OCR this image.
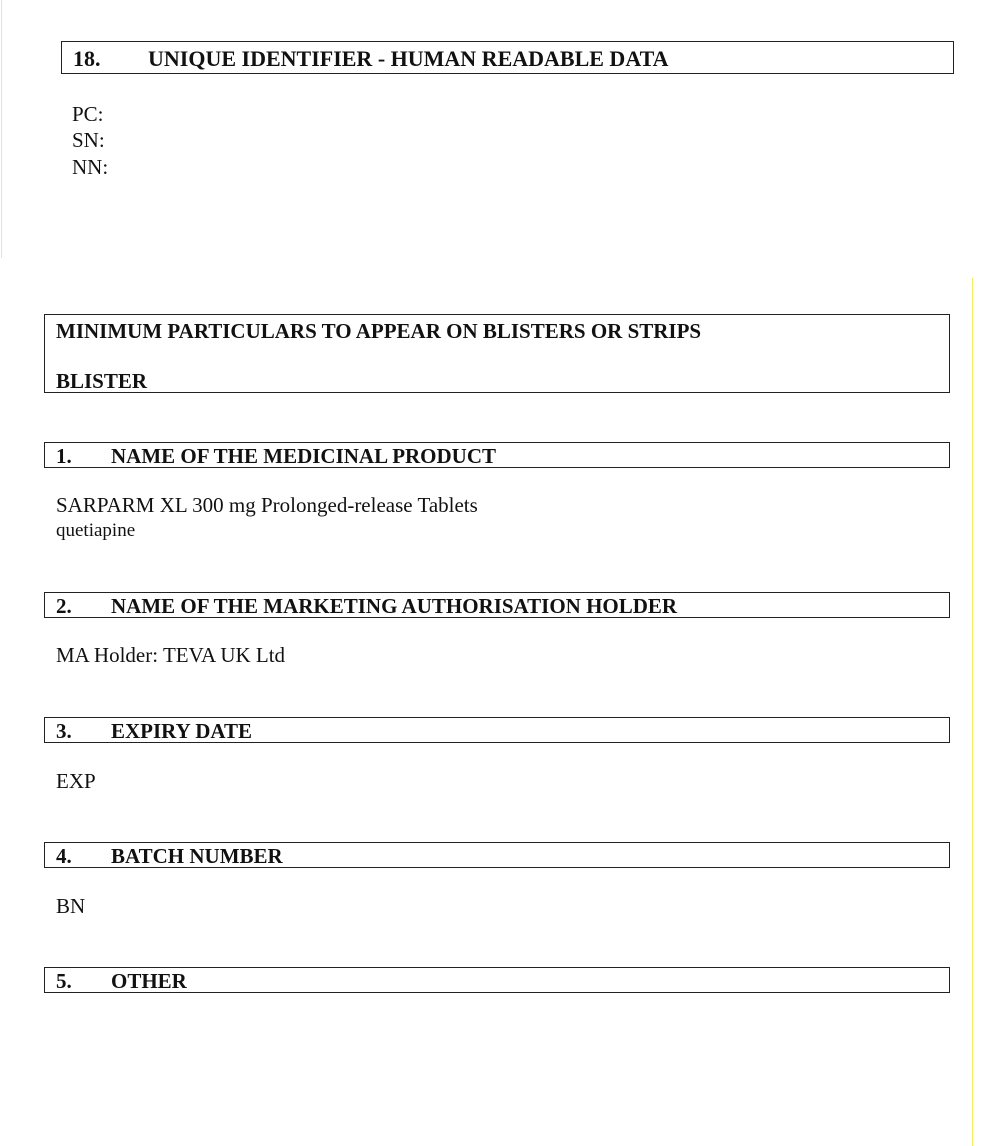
18. UNIQUE IDENTIFIER - HUMAN READABLE DATA
PC:
SN:
NN:
MINIMUM PARTICULARS TO APPEAR ON BLISTERS OR STRIPS
BLISTER
1. NAME OF THE MEDICINAL PRODUCT
SARPARM XL 300 mg Prolonged-release Tablets
quetiapine
2. NAME OF THE MARKETING AUTHORISATION HOLDER
MA Holder: TEVA UK Ltd
3. EXPIRY DATE
EXP
4. BATCH NUMBER
BN
5. OTHER
